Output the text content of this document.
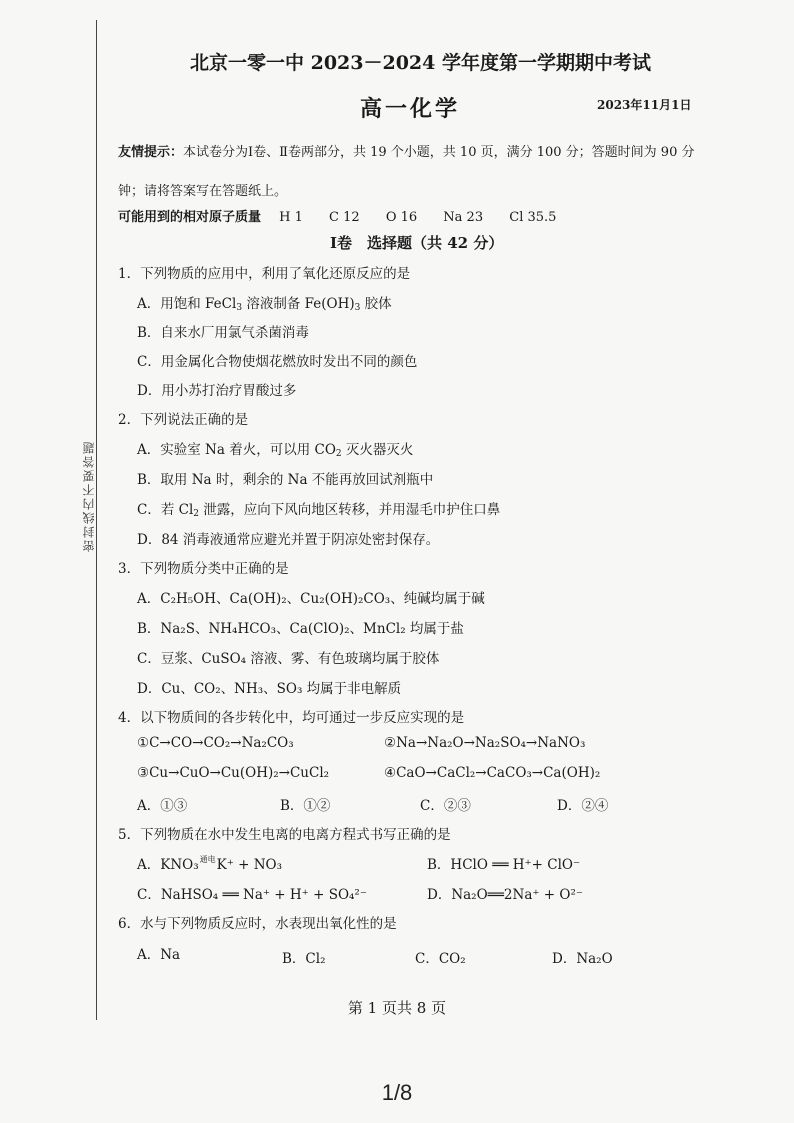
密封线内不要答题
北京一零一中 2023－2024 学年度第一学期期中考试
高一化学	2023年11月1日
友情提示：本试卷分为Ⅰ卷、Ⅱ卷两部分，共 19 个小题，共 10 页，满分 100 分；答题时间为 90 分钟；请将答案写在答题纸上。
可能用到的相对原子质量 H 1 C 12 O 16 Na 23 Cl 35.5
Ⅰ卷　选择题（共 42 分）
1．下列物质的应用中，利用了氧化还原反应的是
A．用饱和 FeCl$_3$ 溶液制备 $Fe(OH)_3$ 胶体
B．自来水厂用氯气杀菌消毒
C．用金属化合物使烟花燃放时发出不同的颜色
D．用小苏打治疗胃酸过多
2．下列说法正确的是
A．实验室 Na 着火，可以用 $CO_2$ 灭火器灭火
B．取用 Na 时，剩余的 Na 不能再放回试剂瓶中
C．若 $Cl_2$ 泄露，应向下风向地区转移，并用湿毛巾护住口鼻
D．84 消毒液通常应避光并置于阴凉处密封保存。
3．下列物质分类中正确的是
A．C₂H₅OH、Ca(OH)₂、Cu₂(OH)₂CO₃、纯碱均属于碱
B．Na₂S、NH₄HCO₃、Ca(ClO)₂、MnCl₂ 均属于盐
C．豆浆、CuSO₄ 溶液、雾、有色玻璃均属于胶体
D．Cu、CO₂、NH₃、SO₃ 均属于非电解质
4．以下物质间的各步转化中，均可通过一步反应实现的是
①C→CO→CO₂→Na₂CO₃	②Na→Na₂O→Na₂SO₄→NaNO₃
③Cu→CuO→Cu(OH)₂→CuCl₂	④CaO→CaCl₂→CaCO₃→Ca(OH)₂
A．①③	B．①②	C．②③	D．②④
5．下列物质在水中发生电离的电离方程式书写正确的是
A．KNO₃$^{通电}$K⁺ + NO₃	B．HClO ══ H⁺+ ClO⁻
C．NaHSO₄ ══ Na⁺ + H⁺ + SO₄²⁻	D．Na₂O══2Na⁺ + O²⁻
6．水与下列物质反应时，水表现出氧化性的是
A．Na	B．Cl₂	C．CO₂	D．Na₂O
第 1 页共 8 页
1/8
